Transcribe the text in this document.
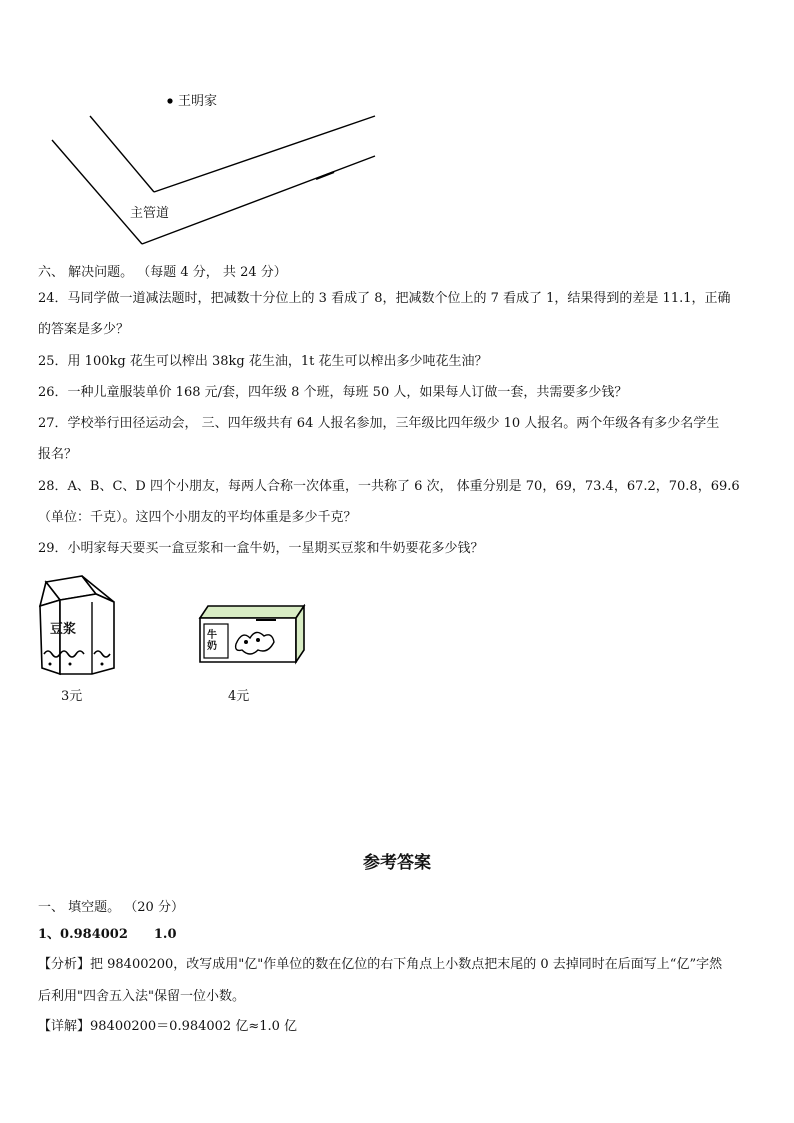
王明家
主管道
六、 解决问题。 （每题 4 分， 共 24 分）
24．马同学做一道减法题时，把减数十分位上的 3 看成了 8，把减数个位上的 7 看成了 1，结果得到的差是 11.1，正确
的答案是多少？
25．用 100kg 花生可以榨出 38kg 花生油，1t 花生可以榨出多少吨花生油？
26．一种儿童服装单价 168 元/套，四年级 8 个班，每班 50 人，如果每人订做一套，共需要多少钱？
27．学校举行田径运动会， 三、四年级共有 64 人报名参加，三年级比四年级少 10 人报名。两个年级各有多少名学生
报名？
28．A、B、C、D 四个小朋友，每两人合称一次体重，一共称了 6 次， 体重分别是 70，69，73.4，67.2，70.8，69.6
（单位：千克）。这四个小朋友的平均体重是多少千克？
29．小明家每天要买一盒豆浆和一盒牛奶，一星期买豆浆和牛奶要花多少钱？
豆浆
3元
牛奶
4元
参考答案
一、 填空题。 （20 分）
1、0.984002　　1.0
【分析】把 98400200，改写成用"亿"作单位的数在亿位的右下角点上小数点把末尾的 0 去掉同时在后面写上“亿”字然
后利用"四舍五入法"保留一位小数。
【详解】98400200＝0.984002 亿≈1.0 亿
